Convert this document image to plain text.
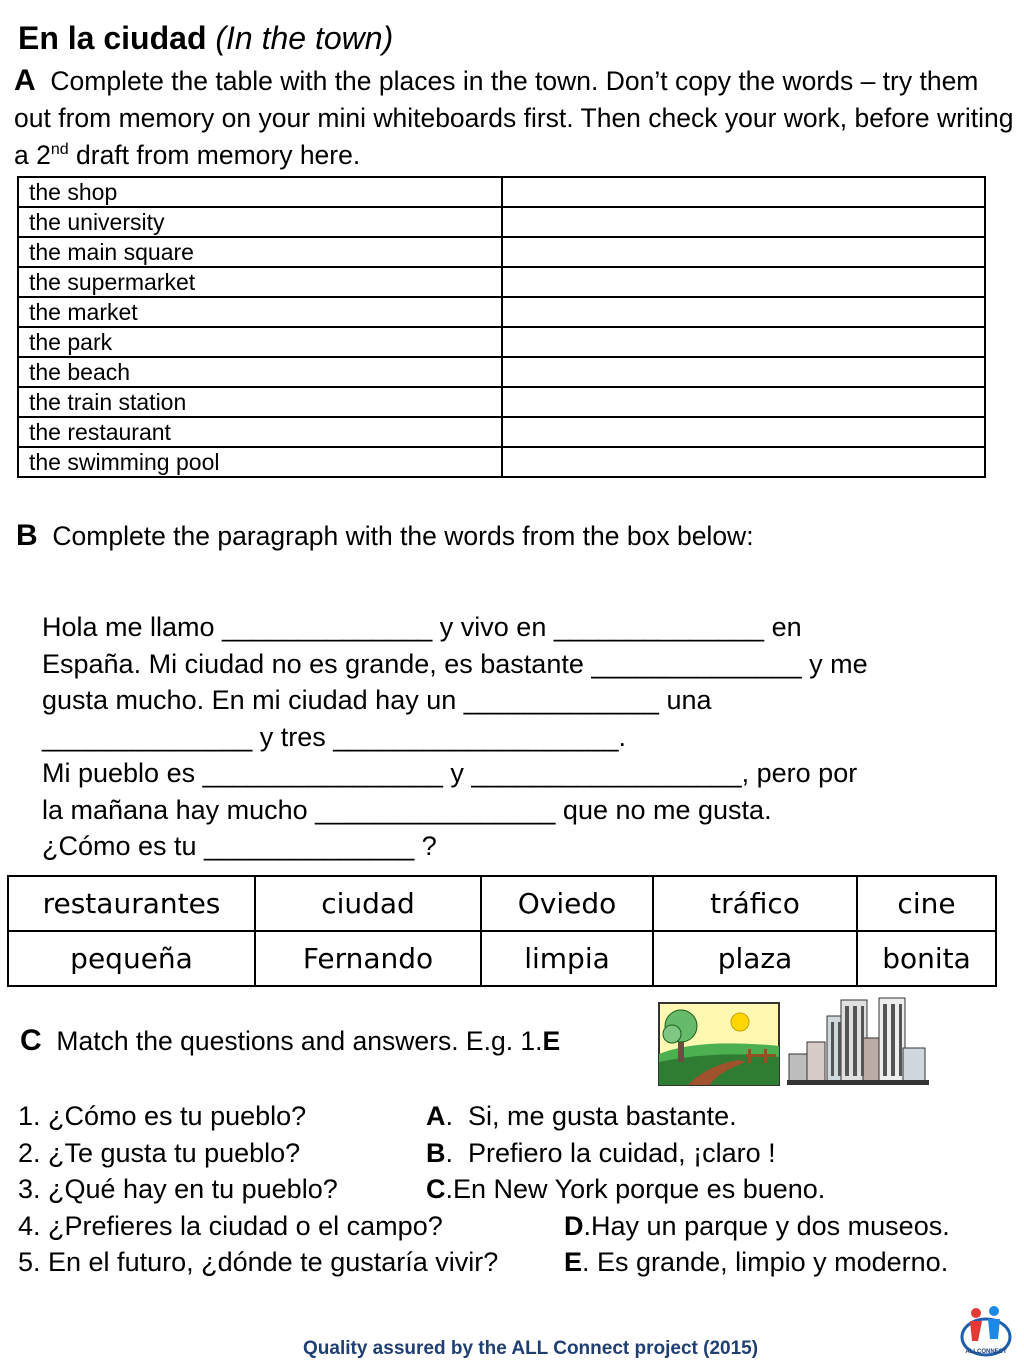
En la ciudad (In the town)
A Complete the table with the places in the town. Don’t copy the words – try them out from memory on your mini whiteboards first. Then check your work, before writing a 2nd draft from memory here.
the shop	
the university	
the main square	
the supermarket	
the market	
the park	
the beach	
the train station	
the restaurant	
the swimming pool	
B Complete the paragraph with the words from the box below:
Hola me llamo ______________ y vivo en ______________ en
España. Mi ciudad no es grande, es bastante ______________ y me
gusta mucho. En mi ciudad hay un _____________ una
______________ y tres ___________________.
Mi pueblo es ________________ y __________________, pero por
la mañana hay mucho ________________ que no me gusta.
¿Cómo es tu ______________ ?
restaurantes	ciudad	Oviedo	tráfico	cine
pequeña	Fernando	limpia	plaza	bonita
C Match the questions and answers. E.g. 1.E
1. ¿Cómo es tu pueblo?
2. ¿Te gusta tu pueblo?
3. ¿Qué hay en tu pueblo?
4. ¿Prefieres la ciudad o el campo?
5. En el futuro, ¿dónde te gustaría vivir?
A.  Si, me gusta bastante.
B.  Prefiero la cuidad, ¡claro !
C.En New York porque es bueno.
D.Hay un parque y dos museos.
E. Es grande, limpio y moderno.
Quality assured by the ALL Connect project (2015)	ALLCONNECT
